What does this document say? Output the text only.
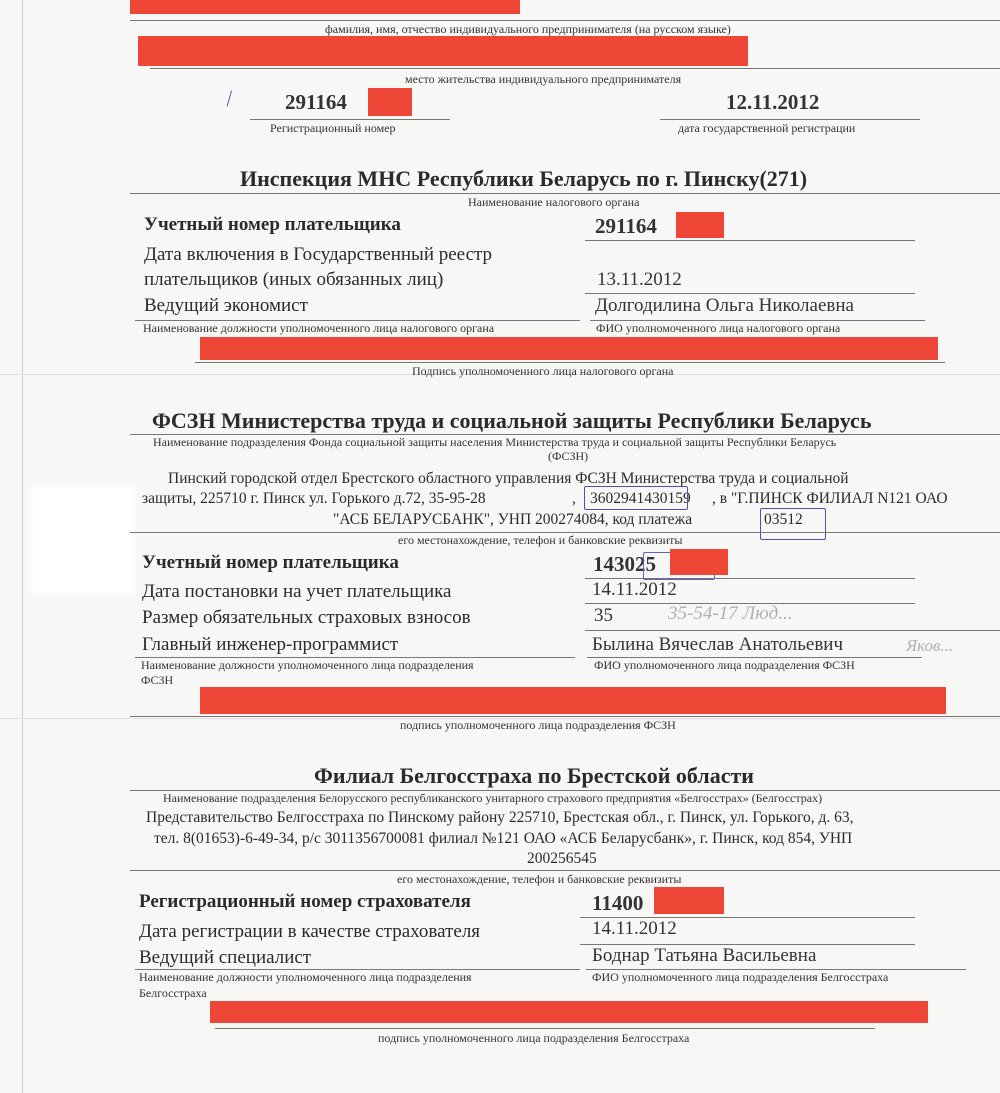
фамилия, имя, отчество индивидуального предпринимателя (на русском языке)
место жительства индивидуального предпринимателя
∕ 291164	12.11.2012
Регистрационный номер	дата государственной регистрации
Инспекция МНС Республики Беларусь по г. Пинску(271)
Наименование налогового органа
Учетный номер плательщика	291164
Дата включения в Государственный реестр
плательщиков (иных обязанных лиц)	13.11.2012
Ведущий экономист	Долгодилина Ольга Николаевна
Наименование должности уполномоченного лица налогового органа	ФИО уполномоченного лица налогового органа
Подпись уполномоченного лица налогового органа
ФСЗН Министерства труда и социальной защиты Республики Беларусь
Наименование подразделения Фонда социальной защиты населения Министерства труда и социальной защиты Республики Беларусь
(ФСЗН)
Пинский городской отдел Брестского областного управления ФСЗН Министерства труда и социальной
защиты, 225710 г. Пинск ул. Горького д.72, 35-95-28	, 3602941430159 , в "Г.ПИНСК ФИЛИАЛ N121 ОАО
"АСБ БЕЛАРУСБАНК", УНП 200274084, код платежа	03512
его местонахождение, телефон и банковские реквизиты
Учетный номер плательщика	143025
Дата постановки на учет плательщика	14.11.2012
Размер обязательных страховых взносов	35	35-54-17 Люд...
Главный инженер-программист	Былина Вячеслав Анатольевич	Яков...
Наименование должности уполномоченного лица подразделения
ФСЗН
ФИО уполномоченного лица подразделения ФСЗН
подпись уполномоченного лица подразделения ФСЗН
Филиал Белгосстраха по Брестской области
Наименование подразделения Белорусского республиканского унитарного страхового предприятия «Белгосстрах» (Белгосстрах)
Представительство Белгосстраха по Пинскому району 225710, Брестская обл., г. Пинск, ул. Горького, д. 63,
тел. 8(01653)-6-49-34, р/с 3011356700081 филиал №121 ОАО «АСБ Беларусбанк», г. Пинск, код 854, УНП
200256545
его местонахождение, телефон и банковские реквизиты
Регистрационный номер страхователя	11400
Дата регистрации в качестве страхователя	14.11.2012
Ведущий специалист	Боднар Татьяна Васильевна
Наименование должности уполномоченного лица подразделения
Белгосстраха
ФИО уполномоченного лица подразделения Белгосстраха
подпись уполномоченного лица подразделения Белгосстраха
